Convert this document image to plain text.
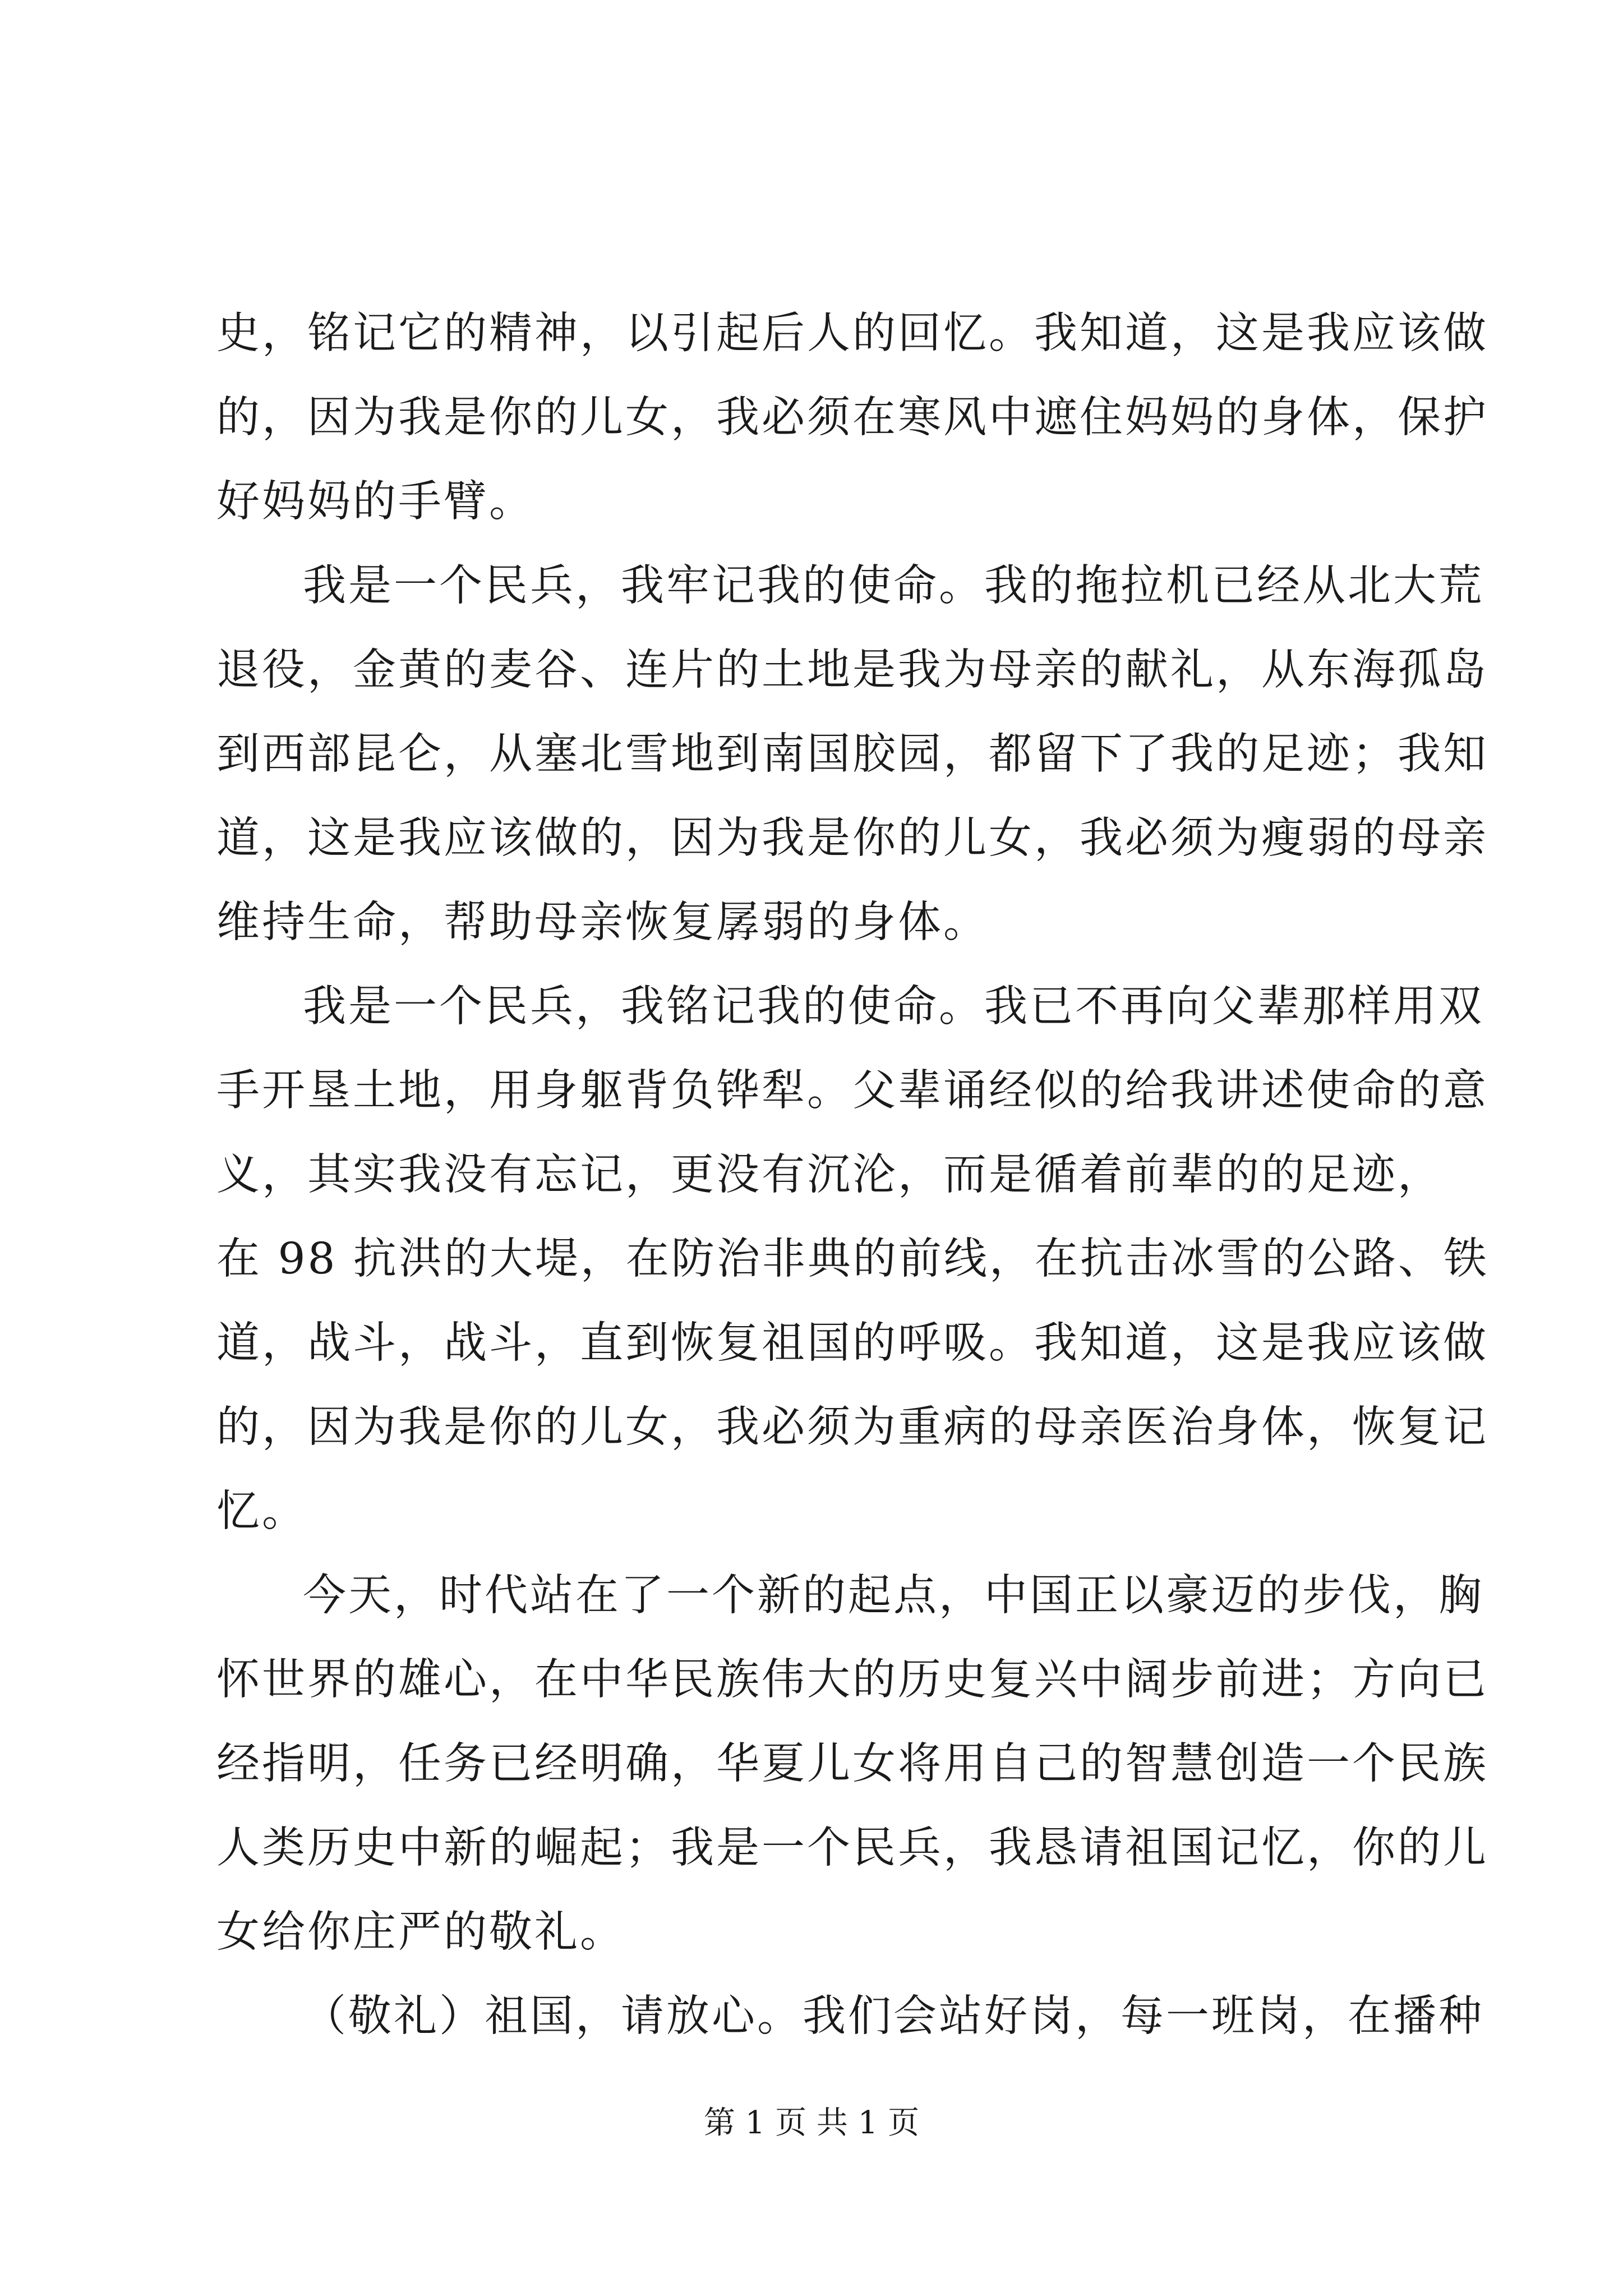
史，铭记它的精神，以引起后人的回忆。我知道，这是我应该做
的，因为我是你的儿女，我必须在寒风中遮住妈妈的身体，保护
好妈妈的手臂。
我是一个民兵，我牢记我的使命。我的拖拉机已经从北大荒
退役，金黄的麦谷、连片的土地是我为母亲的献礼，从东海孤岛
到西部昆仑，从塞北雪地到南国胶园，都留下了我的足迹；我知
道，这是我应该做的，因为我是你的儿女，我必须为瘦弱的母亲
维持生命，帮助母亲恢复孱弱的身体。
我是一个民兵，我铭记我的使命。我已不再向父辈那样用双
手开垦土地，用身躯背负铧犁。父辈诵经似的给我讲述使命的意
义，其实我没有忘记，更没有沉沦，而是循着前辈的的足迹，
在 98 抗洪的大堤，在防治非典的前线，在抗击冰雪的公路、铁
道，战斗，战斗，直到恢复祖国的呼吸。我知道，这是我应该做
的，因为我是你的儿女，我必须为重病的母亲医治身体，恢复记
忆。
今天，时代站在了一个新的起点，中国正以豪迈的步伐，胸
怀世界的雄心，在中华民族伟大的历史复兴中阔步前进；方向已
经指明，任务已经明确，华夏儿女将用自己的智慧创造一个民族
人类历史中新的崛起；我是一个民兵，我恳请祖国记忆，你的儿
女给你庄严的敬礼。
（敬礼）祖国，请放心。我们会站好岗，每一班岗，在播种
第 1 页 共 1 页
